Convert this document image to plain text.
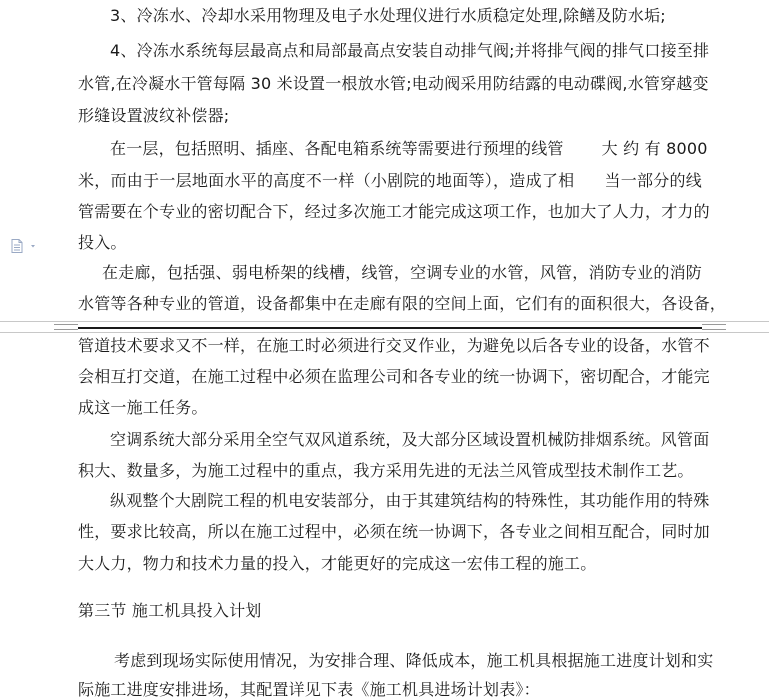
3、冷冻水、冷却水采用物理及电子水处理仪进行水质稳定处理,除鳝及防水垢;
4、冷冻水系统每层最高点和局部最高点安装自动排气阀;并将排气阀的排气口接至排
水管,在冷凝水干管每隔 30 米设置一根放水管;电动阀采用防结露的电动碟阀,水管穿越变
形缝设置波纹补偿器;
在一层，包括照明、插座、各配电箱系统等需要进行预埋的线管 大 约 有 8000
米，而由于一层地面水平的高度不一样（小剧院的地面等），造成了相 当一部分的线
管需要在个专业的密切配合下，经过多次施工才能完成这项工作，也加大了人力，才力的
投入。
在走廊，包括强、弱电桥架的线槽，线管，空调专业的水管，风管，消防专业的消防
水管等各种专业的管道，设备都集中在走廊有限的空间上面，它们有的面积很大，各设备，
管道技术要求又不一样，在施工时必须进行交叉作业，为避免以后各专业的设备，水管不
会相互打交道，在施工过程中必须在监理公司和各专业的统一协调下，密切配合，才能完
成这一施工任务。
空调系统大部分采用全空气双风道系统，及大部分区域设置机械防排烟系统。风管面
积大、数量多，为施工过程中的重点，我方采用先进的无法兰风管成型技术制作工艺。
纵观整个大剧院工程的机电安装部分，由于其建筑结构的特殊性，其功能作用的特殊
性，要求比较高，所以在施工过程中，必须在统一协调下，各专业之间相互配合，同时加
大人力，物力和技术力量的投入，才能更好的完成这一宏伟工程的施工。
第三节 施工机具投入计划
考虑到现场实际使用情况，为安排合理、降低成本，施工机具根据施工进度计划和实
际施工进度安排进场，其配置详见下表《施工机具进场计划表》：
